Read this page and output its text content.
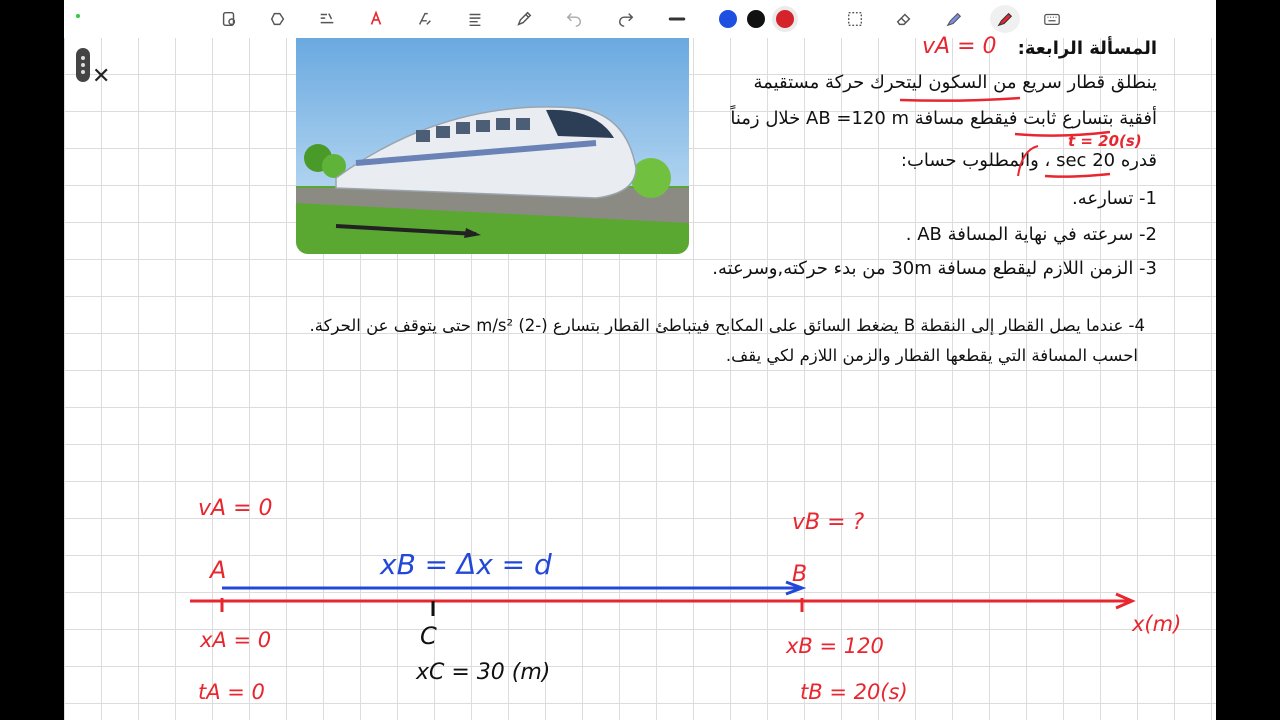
✕
المسألة الرابعة:
ينطلق قطار سريع من السكون ليتحرك حركة مستقيمة
أفقية بتسارع ثابت فيقطع مسافة AB =120 m خلال زمناً
قدره 20 sec ، والمطلوب حساب:
1- تسارعه.
2- سرعته في نهاية المسافة AB .
3- الزمن اللازم ليقطع مسافة 30m من بدء حركته,وسرعته.
4- عندما يصل القطار إلى النقطة B يضغط السائق على المكابح فيتباطئ القطار بتسارع m/s² (2-) حتى يتوقف عن الحركة.
احسب المسافة التي يقطعها القطار والزمن اللازم لكي يقف.
vA = 0
t = 20(s)
vA = 0
vB = ?
A	B
C
xB = Δx = d
xA = 0
tA = 0
xC = 30 (m)
xB = 120
tB = 20(s)
x(m)
